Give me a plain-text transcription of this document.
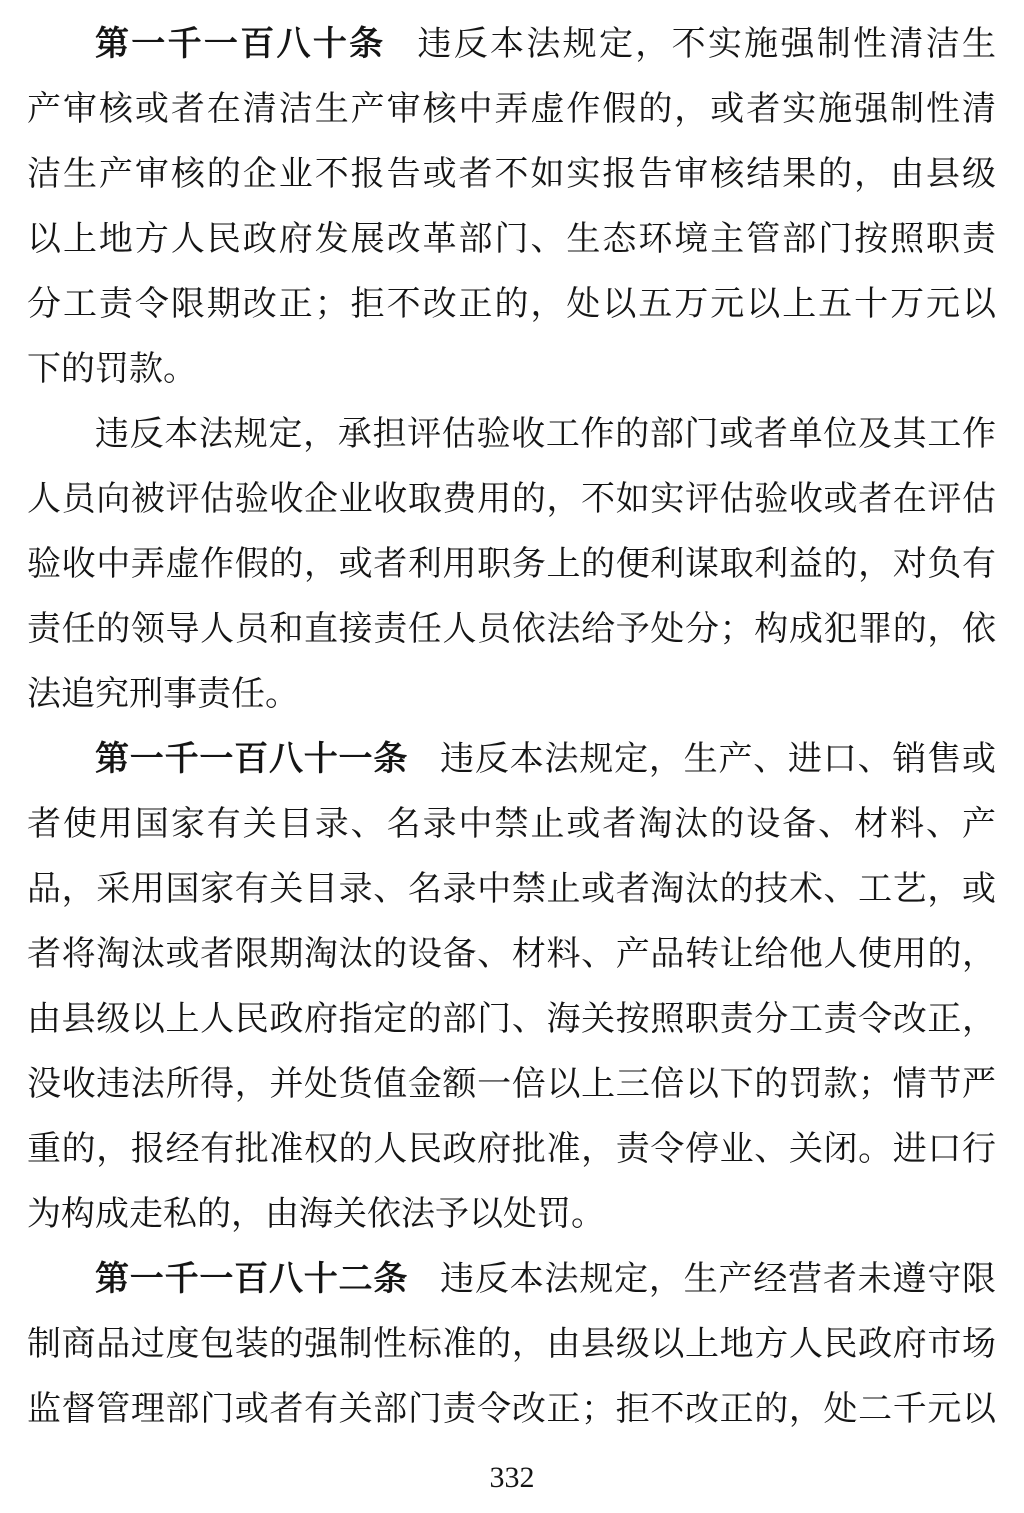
第一千一百八十条 违反本法规定，不实施强制性清洁生
产审核或者在清洁生产审核中弄虚作假的，或者实施强制性清
洁生产审核的企业不报告或者不如实报告审核结果的，由县级
以上地方人民政府发展改革部门、生态环境主管部门按照职责
分工责令限期改正；拒不改正的，处以五万元以上五十万元以
下的罚款。
违反本法规定，承担评估验收工作的部门或者单位及其工作
人员向被评估验收企业收取费用的，不如实评估验收或者在评估
验收中弄虚作假的，或者利用职务上的便利谋取利益的，对负有
责任的领导人员和直接责任人员依法给予处分；构成犯罪的，依
法追究刑事责任。
第一千一百八十一条 违反本法规定，生产、进口、销售或
者使用国家有关目录、名录中禁止或者淘汰的设备、材料、产
品，采用国家有关目录、名录中禁止或者淘汰的技术、工艺，或
者将淘汰或者限期淘汰的设备、材料、产品转让给他人使用的，
由县级以上人民政府指定的部门、海关按照职责分工责令改正，
没收违法所得，并处货值金额一倍以上三倍以下的罚款；情节严
重的，报经有批准权的人民政府批准，责令停业、关闭。进口行
为构成走私的，由海关依法予以处罚。
第一千一百八十二条 违反本法规定，生产经营者未遵守限
制商品过度包装的强制性标准的，由县级以上地方人民政府市场
监督管理部门或者有关部门责令改正；拒不改正的，处二千元以
332
